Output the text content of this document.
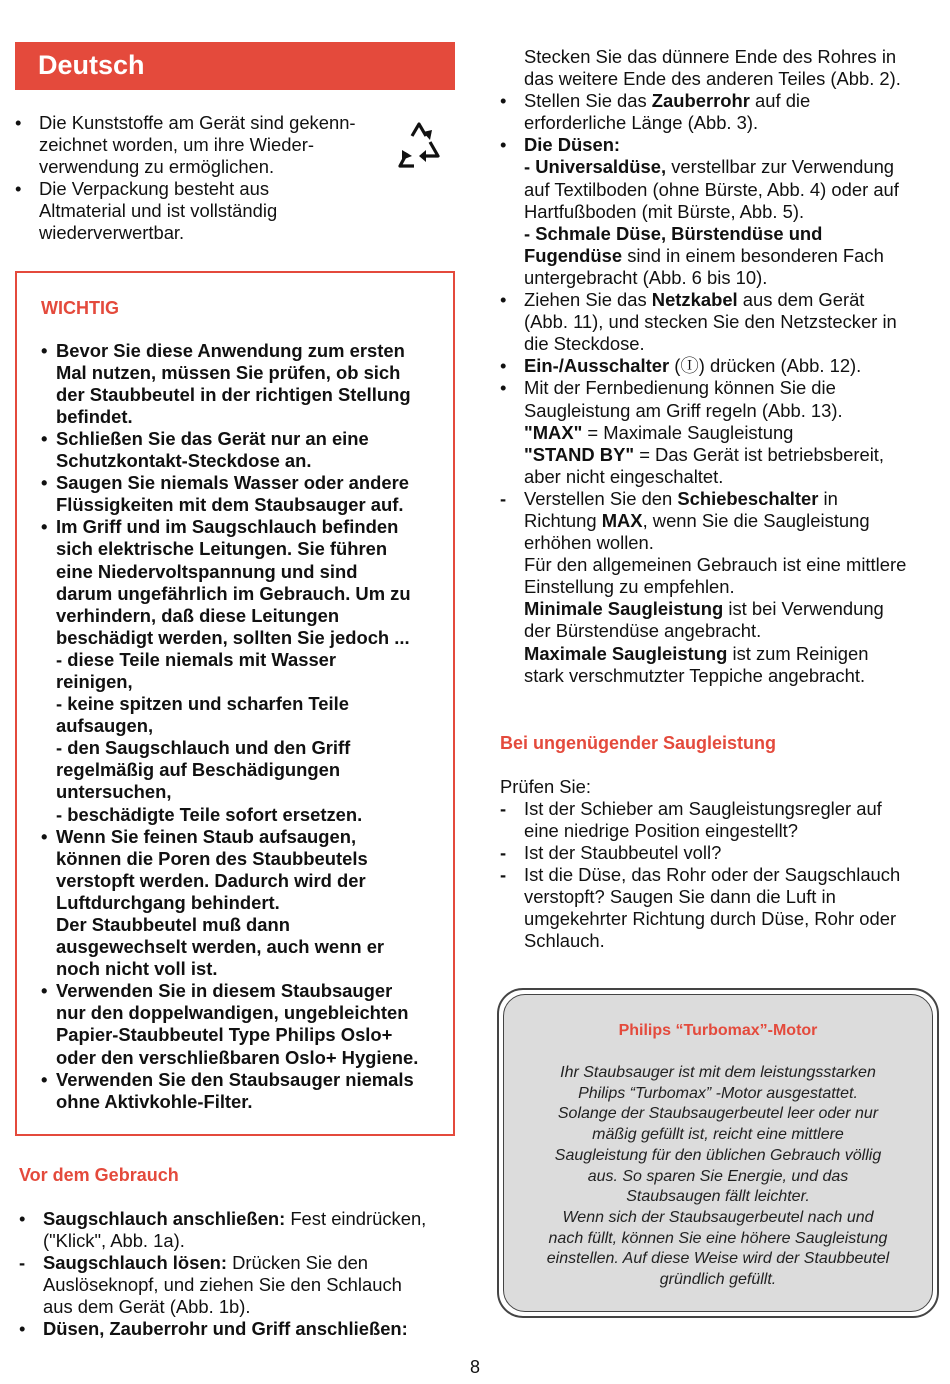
Deutsch
• Die Kunststoffe am Gerät sind gekenn-
zeichnet worden, um ihre Wieder-
verwendung zu ermöglichen.
• Die Verpackung besteht aus
Altmaterial und ist vollständig
wiederverwertbar.
WICHTIG
• Bevor Sie diese Anwendung zum ersten
Mal nutzen, müssen Sie prüfen, ob sich
der Staubbeutel in der richtigen Stellung
befindet.
• Schließen Sie das Gerät nur an eine
Schutzkontakt-Steckdose an.
• Saugen Sie niemals Wasser oder andere
Flüssigkeiten mit dem Staubsauger auf.
• Im Griff und im Saugschlauch befinden
sich elektrische Leitungen. Sie führen
eine Niedervoltspannung und sind
darum ungefährlich im Gebrauch. Um zu
verhindern, daß diese Leitungen
beschädigt werden, sollten Sie jedoch ...
- diese Teile niemals mit Wasser
reinigen,
- keine spitzen und scharfen Teile
aufsaugen,
- den Saugschlauch und den Griff
regelmäßig auf Beschädigungen
untersuchen,
- beschädigte Teile sofort ersetzen.
• Wenn Sie feinen Staub aufsaugen,
können die Poren des Staubbeutels
verstopft werden. Dadurch wird der
Luftdurchgang behindert.
Der Staubbeutel muß dann
ausgewechselt werden, auch wenn er
noch nicht voll ist.
• Verwenden Sie in diesem Staubsauger
nur den doppelwandigen, ungebleichten
Papier-Staubbeutel Type Philips Oslo+
oder den verschließbaren Oslo+ Hygiene.
• Verwenden Sie den Staubsauger niemals
ohne Aktivkohle-Filter.
Vor dem Gebrauch
• Saugschlauch anschließen: Fest eindrücken,
("Klick", Abb. 1a).
- Saugschlauch lösen: Drücken Sie den
Auslöseknopf, und ziehen Sie den Schlauch
aus dem Gerät (Abb. 1b).
• Düsen, Zauberrohr und Griff anschließen:
Stecken Sie das dünnere Ende des Rohres in
das weitere Ende des anderen Teiles (Abb. 2).
• Stellen Sie das Zauberrohr auf die
erforderliche Länge (Abb. 3).
• Die Düsen:
- Universaldüse, verstellbar zur Verwendung
auf Textilboden (ohne Bürste, Abb. 4) oder auf
Hartfußboden (mit Bürste, Abb. 5).
- Schmale Düse, Bürstendüse und
Fugendüse sind in einem besonderen Fach
untergebracht (Abb. 6 bis 10).
• Ziehen Sie das Netzkabel aus dem Gerät
(Abb. 11), und stecken Sie den Netzstecker in
die Steckdose.
• Ein-/Ausschalter (Ⓘ) drücken (Abb. 12).
• Mit der Fernbedienung können Sie die
Saugleistung am Griff regeln (Abb. 13).
"MAX" = Maximale Saugleistung
"STAND BY" = Das Gerät ist betriebsbereit,
aber nicht eingeschaltet.
- Verstellen Sie den Schiebeschalter in
Richtung MAX, wenn Sie die Saugleistung
erhöhen wollen.
Für den allgemeinen Gebrauch ist eine mittlere
Einstellung zu empfehlen.
Minimale Saugleistung ist bei Verwendung
der Bürstendüse angebracht.
Maximale Saugleistung ist zum Reinigen
stark verschmutzter Teppiche angebracht.
Bei ungenügender Saugleistung
Prüfen Sie:
- Ist der Schieber am Saugleistungsregler auf
eine niedrige Position eingestellt?
- Ist der Staubbeutel voll?
- Ist die Düse, das Rohr oder der Saugschlauch
verstopft? Saugen Sie dann die Luft in
umgekehrter Richtung durch Düse, Rohr oder
Schlauch.
Philips “Turbomax”-Motor
Ihr Staubsauger ist mit dem leistungsstarken
Philips “Turbomax” -Motor ausgestattet.
Solange der Staubsaugerbeutel leer oder nur
mäßig gefüllt ist, reicht eine mittlere
Saugleistung für den üblichen Gebrauch völlig
aus. So sparen Sie Energie, und das
Staubsaugen fällt leichter.
Wenn sich der Staubsaugerbeutel nach und
nach füllt, können Sie eine höhere Saugleistung
einstellen. Auf diese Weise wird der Staubbeutel
gründlich gefüllt.
8
